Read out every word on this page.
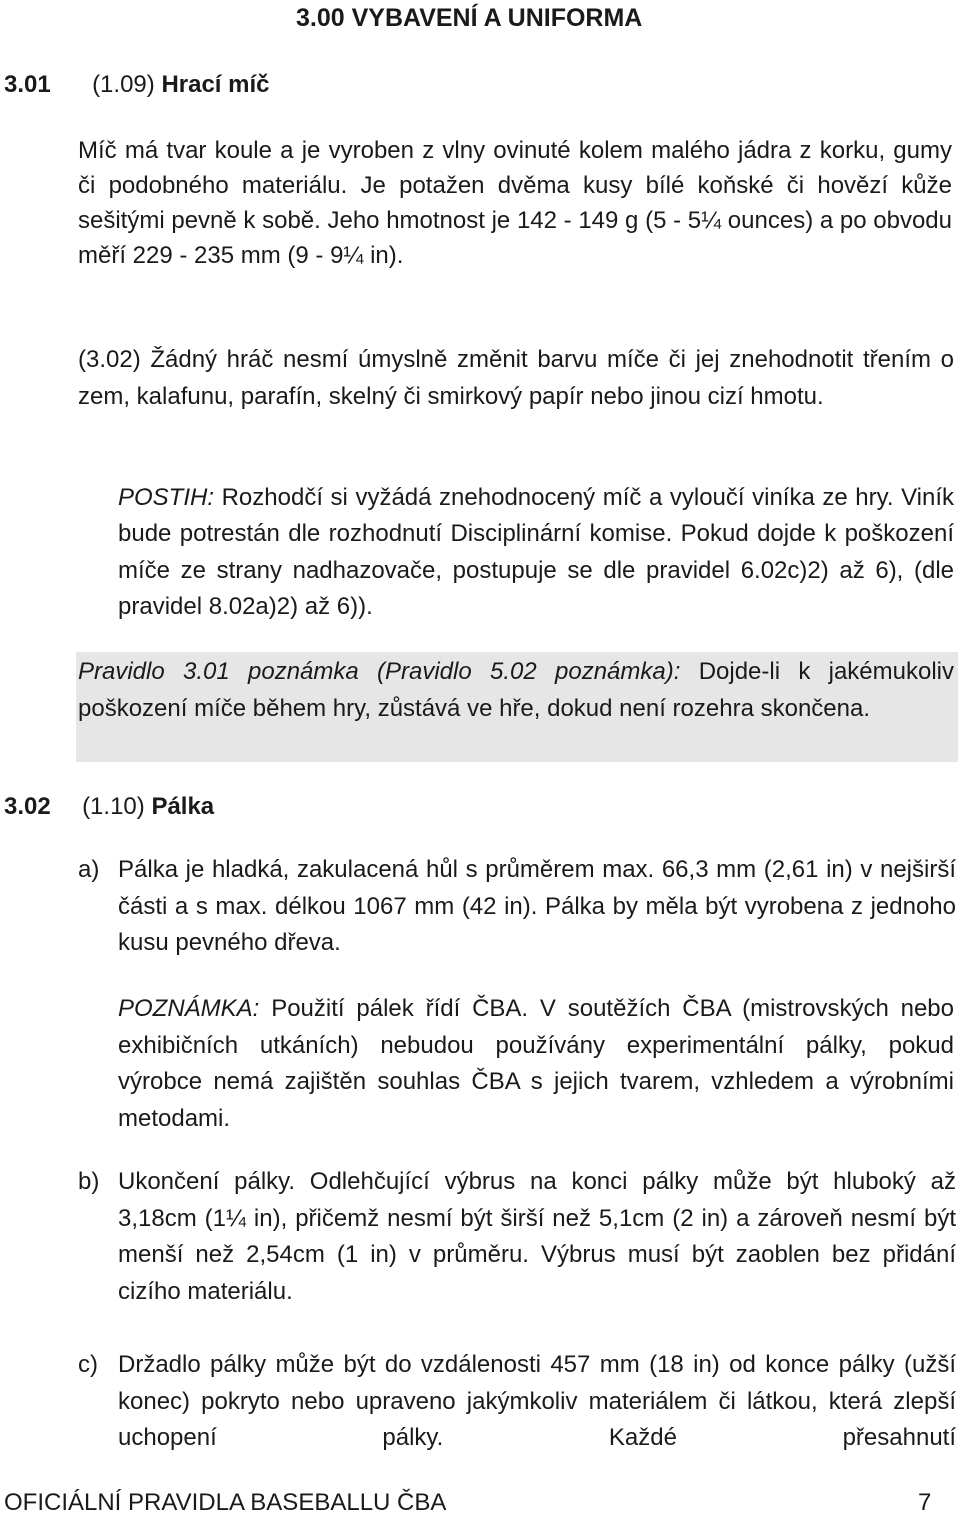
3.00 VYBAVENÍ A UNIFORMA
3.01 (1.09) Hrací míč
Míč má tvar koule a je vyroben z vlny ovinuté kolem malého jádra z korku, gumy či podobného materiálu. Je potažen dvěma kusy bílé koňské či hovězí kůže sešitými pevně k sobě. Jeho hmotnost je 142 - 149 g (5 - 5¼ ounces) a po obvodu měří 229 - 235 mm (9 - 9¼ in).
(3.02) Žádný hráč nesmí úmyslně změnit barvu míče či jej znehodnotit třením o zem, kalafunu, parafín, skelný či smirkový papír nebo jinou cizí hmotu.
POSTIH: Rozhodčí si vyžádá znehodnocený míč a vyloučí viníka ze hry. Viník bude potrestán dle rozhodnutí Disciplinární komise. Pokud dojde k poškození míče ze strany nadhazovače, postupuje se dle pravidel 6.02c)2) až 6), (dle pravidel 8.02a)2) až 6)).
Pravidlo 3.01 poznámka (Pravidlo 5.02 poznámka): Dojde-li k jakémukoliv poškození míče během hry, zůstává ve hře, dokud není rozehra skončena.
3.02 (1.10) Pálka
a) Pálka je hladká, zakulacená hůl s průměrem max. 66,3 mm (2,61 in) v nejširší části a s max. délkou 1067 mm (42 in). Pálka by měla být vyrobena z jednoho kusu pevného dřeva.
POZNÁMKA: Použití pálek řídí ČBA. V soutěžích ČBA (mistrovských nebo exhibičních utkáních) nebudou používány experimentální pálky, pokud výrobce nemá zajištěn souhlas ČBA s jejich tvarem, vzhledem a výrobními metodami.
b) Ukončení pálky. Odlehčující výbrus na konci pálky může být hluboký až 3,18cm (1¼ in), přičemž nesmí být širší než 5,1cm (2 in) a zároveň nesmí být menší než 2,54cm (1 in) v průměru. Výbrus musí být zaoblen bez přidání cizího materiálu.
c) Držadlo pálky může být do vzdálenosti 457 mm (18 in) od konce pálky (užší konec) pokryto nebo upraveno jakýmkoliv materiálem či látkou, která zlepší uchopení pálky. Každé přesahnutí
OFICIÁLNÍ PRAVIDLA BASEBALLU ČBA	7
